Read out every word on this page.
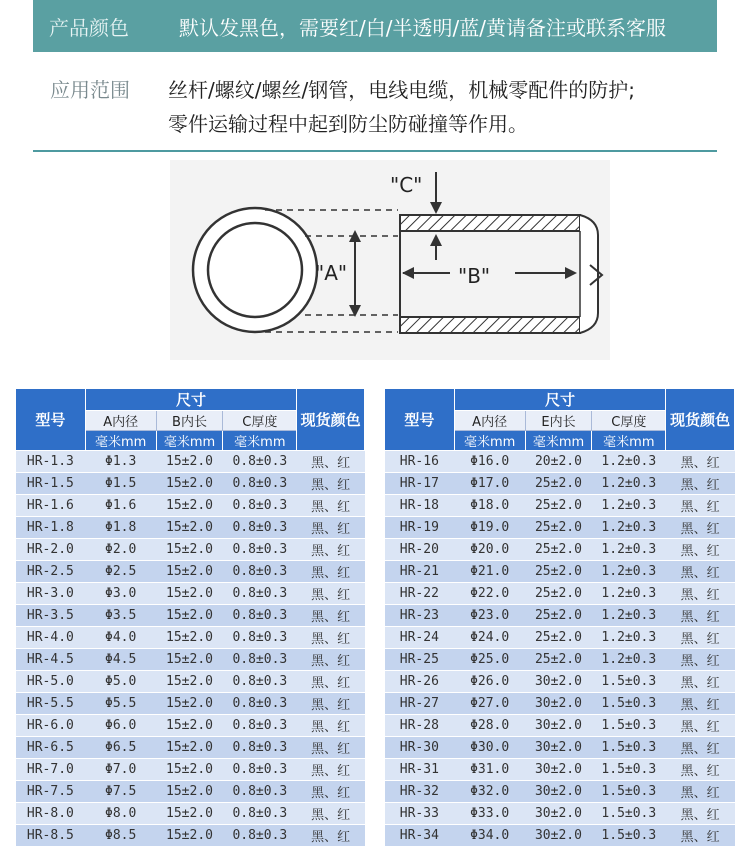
产品颜色	默认发黑色，需要红/白/半透明/蓝/黄请备注或联系客服
应用范围 丝杆/螺纹/螺丝/钢管，电线电缆，机械零配件的防护;
零件运输过程中起到防尘防碰撞等作用。
"A"	"B"
"C"
型号	尺寸			现货颜色
	A内径	B内长	C厚度	
	毫米mm	毫米mm	毫米mm	
HR-1.3	Φ1.3	15±2.0	0.8±0.3	黑、红
HR-1.5	Φ1.5	15±2.0	0.8±0.3	黑、红
HR-1.6	Φ1.6	15±2.0	0.8±0.3	黑、红
HR-1.8	Φ1.8	15±2.0	0.8±0.3	黑、红
HR-2.0	Φ2.0	15±2.0	0.8±0.3	黑、红
HR-2.5	Φ2.5	15±2.0	0.8±0.3	黑、红
HR-3.0	Φ3.0	15±2.0	0.8±0.3	黑、红
HR-3.5	Φ3.5	15±2.0	0.8±0.3	黑、红
HR-4.0	Φ4.0	15±2.0	0.8±0.3	黑、红
HR-4.5	Φ4.5	15±2.0	0.8±0.3	黑、红
HR-5.0	Φ5.0	15±2.0	0.8±0.3	黑、红
HR-5.5	Φ5.5	15±2.0	0.8±0.3	黑、红
HR-6.0	Φ6.0	15±2.0	0.8±0.3	黑、红
HR-6.5	Φ6.5	15±2.0	0.8±0.3	黑、红
HR-7.0	Φ7.0	15±2.0	0.8±0.3	黑、红
HR-7.5	Φ7.5	15±2.0	0.8±0.3	黑、红
HR-8.0	Φ8.0	15±2.0	0.8±0.3	黑、红
HR-8.5	Φ8.5	15±2.0	0.8±0.3	黑、红
型号	尺寸			现货颜色
	A内径	E内长	C厚度	
	毫米mm	毫米mm	毫米mm	
HR-16	Φ16.0	20±2.0	1.2±0.3	黑、红
HR-17	Φ17.0	25±2.0	1.2±0.3	黑、红
HR-18	Φ18.0	25±2.0	1.2±0.3	黑、红
HR-19	Φ19.0	25±2.0	1.2±0.3	黑、红
HR-20	Φ20.0	25±2.0	1.2±0.3	黑、红
HR-21	Φ21.0	25±2.0	1.2±0.3	黑、红
HR-22	Φ22.0	25±2.0	1.2±0.3	黑、红
HR-23	Φ23.0	25±2.0	1.2±0.3	黑、红
HR-24	Φ24.0	25±2.0	1.2±0.3	黑、红
HR-25	Φ25.0	25±2.0	1.2±0.3	黑、红
HR-26	Φ26.0	30±2.0	1.5±0.3	黑、红
HR-27	Φ27.0	30±2.0	1.5±0.3	黑、红
HR-28	Φ28.0	30±2.0	1.5±0.3	黑、红
HR-30	Φ30.0	30±2.0	1.5±0.3	黑、红
HR-31	Φ31.0	30±2.0	1.5±0.3	黑、红
HR-32	Φ32.0	30±2.0	1.5±0.3	黑、红
HR-33	Φ33.0	30±2.0	1.5±0.3	黑、红
HR-34	Φ34.0	30±2.0	1.5±0.3	黑、红
